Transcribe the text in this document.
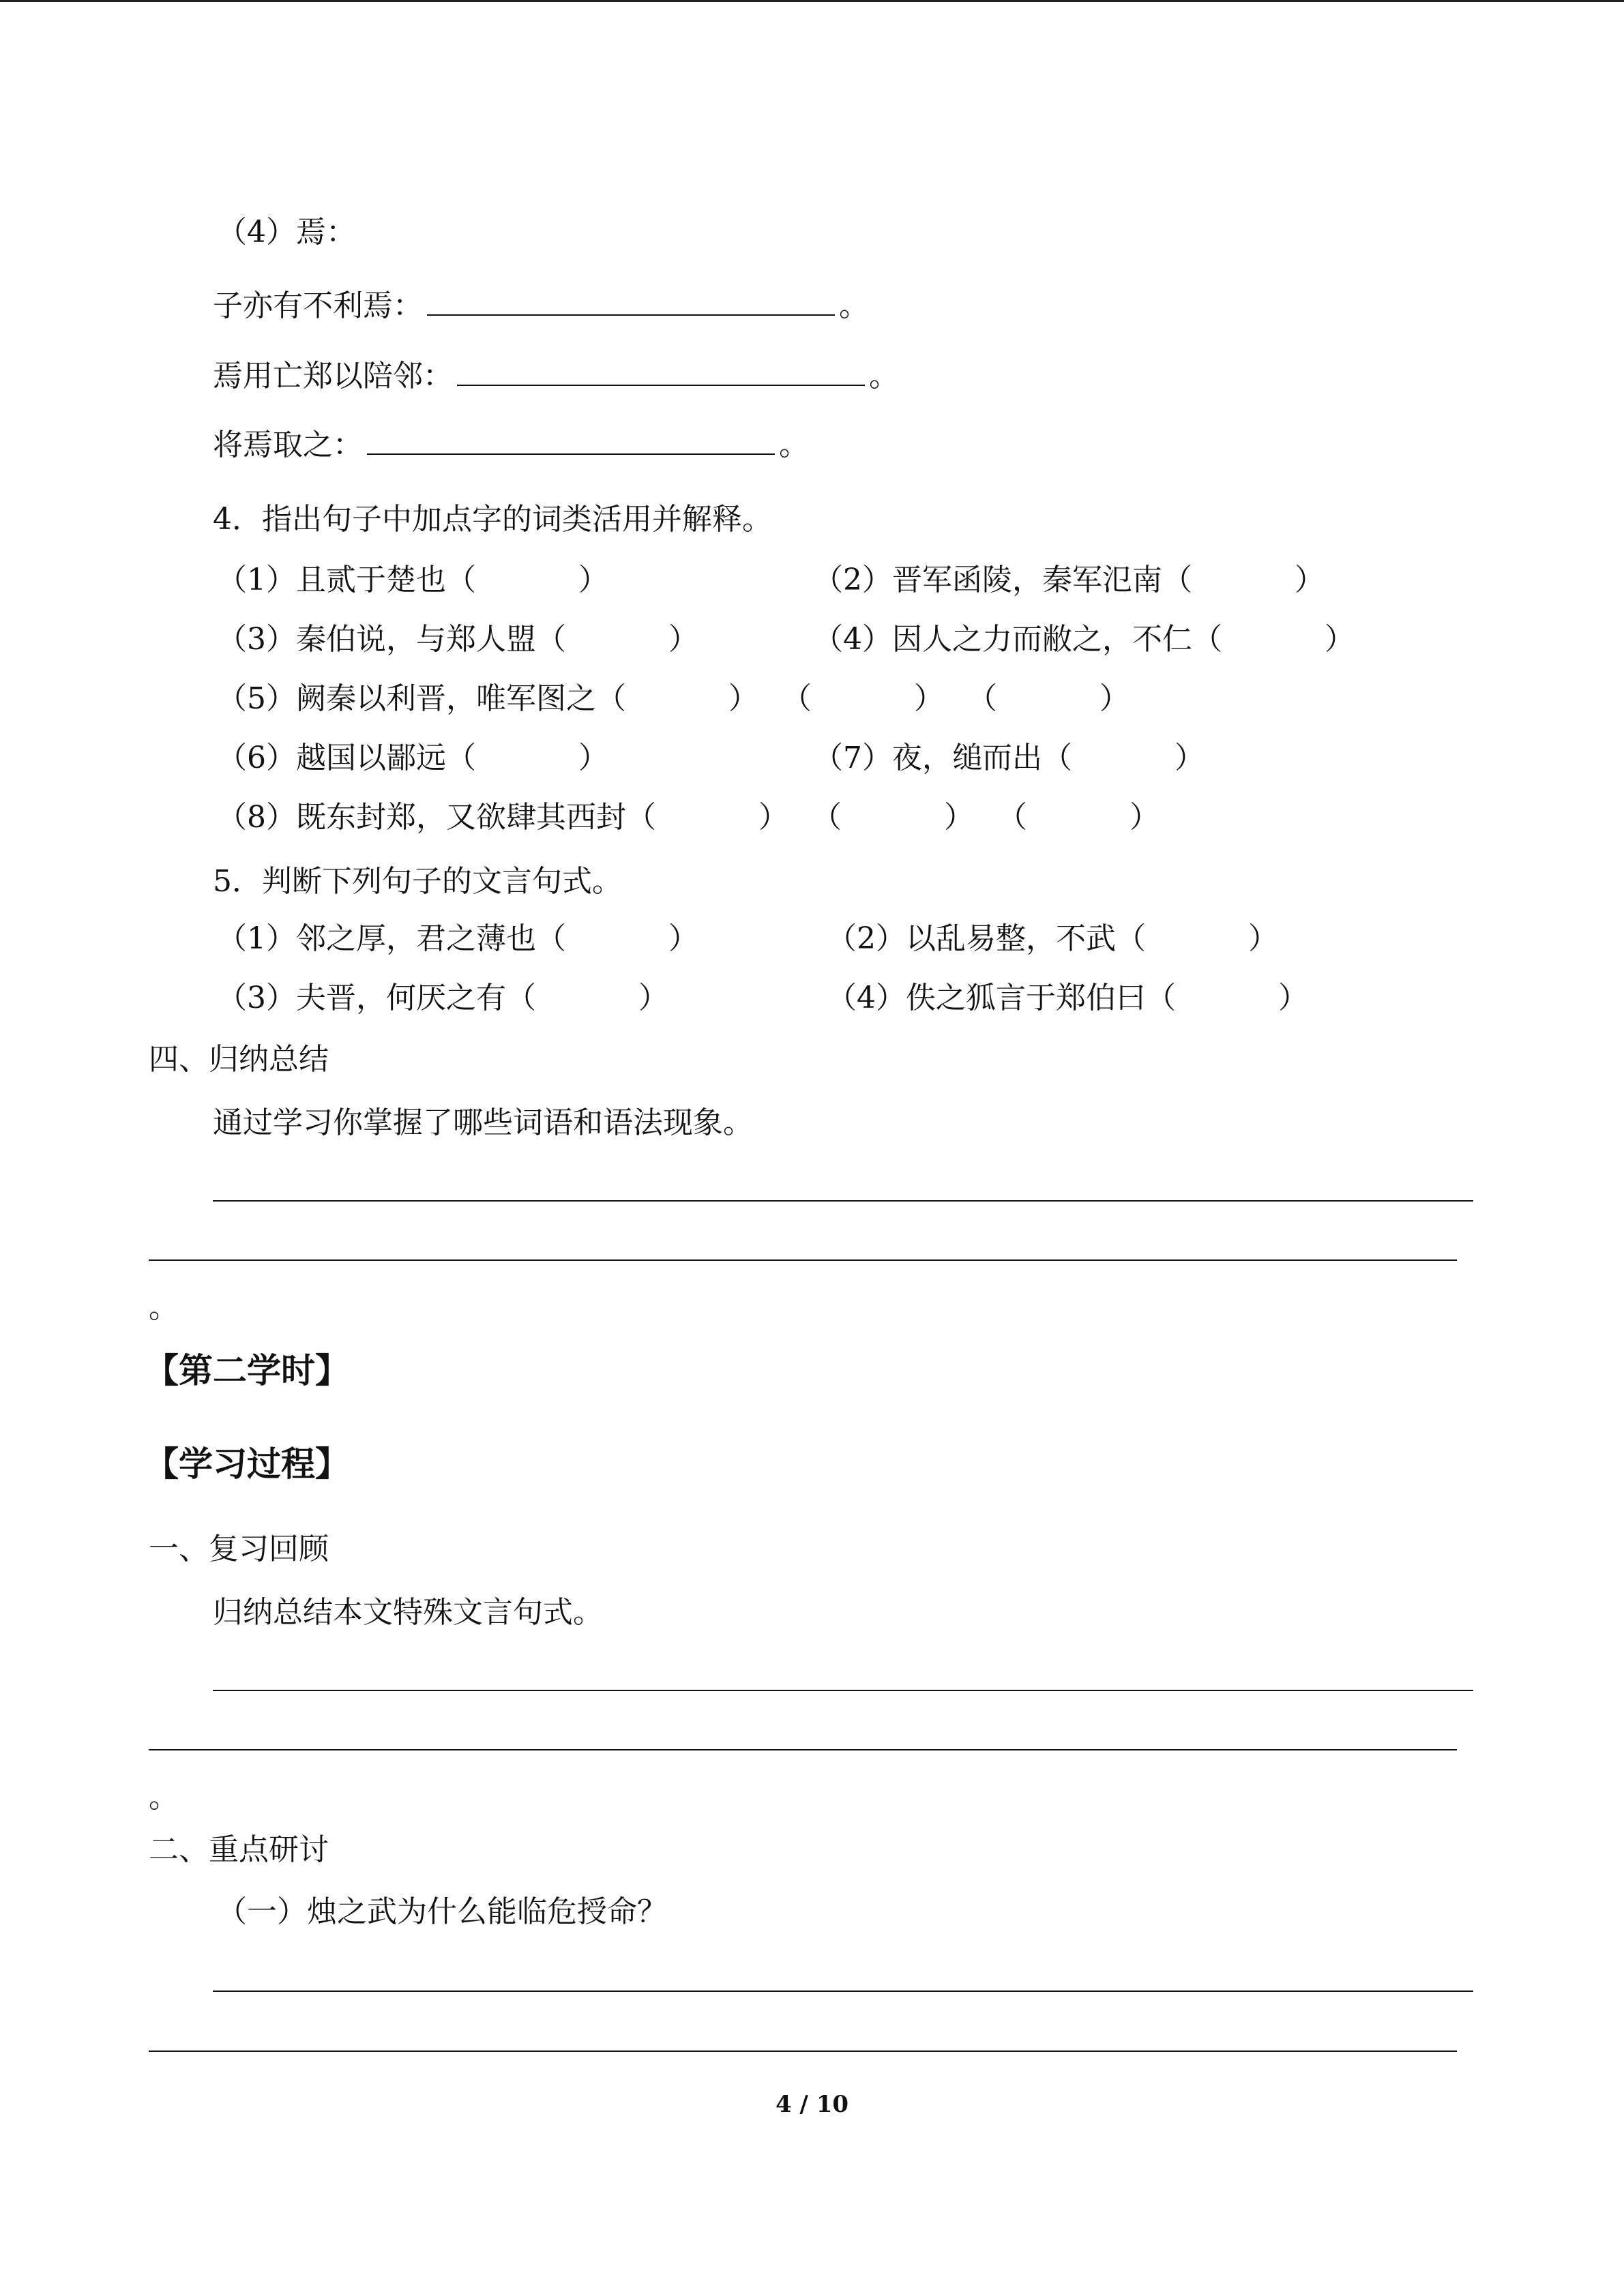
（4）焉：
子亦有不利焉：	。
焉用亡郑以陪邻：	。
将焉取之：	。
4．指出句子中加点字的词类活用并解释。
（1）且贰于楚也（	）	（2）晋军函陵，秦军氾南（	）
（3）秦伯说，与郑人盟（	）	（4）因人之力而敝之，不仁（	）
（5）阙秦以利晋，唯军图之（	） （	） （	）
（6）越国以鄙远（	）	（7）夜，缒而出（	）
（8）既东封郑，又欲肆其西封（	） （	） （	）
5．判断下列句子的文言句式。
（1）邻之厚，君之薄也（	）	（2）以乱易整，不武（	）
（3）夫晋，何厌之有（	）	（4）佚之狐言于郑伯曰（	）
四、归纳总结
通过学习你掌握了哪些词语和语法现象。
。
【第二学时】
【学习过程】
一、复习回顾
归纳总结本文特殊文言句式。
。
二、重点研讨
（一）烛之武为什么能临危授命？
4 / 10
